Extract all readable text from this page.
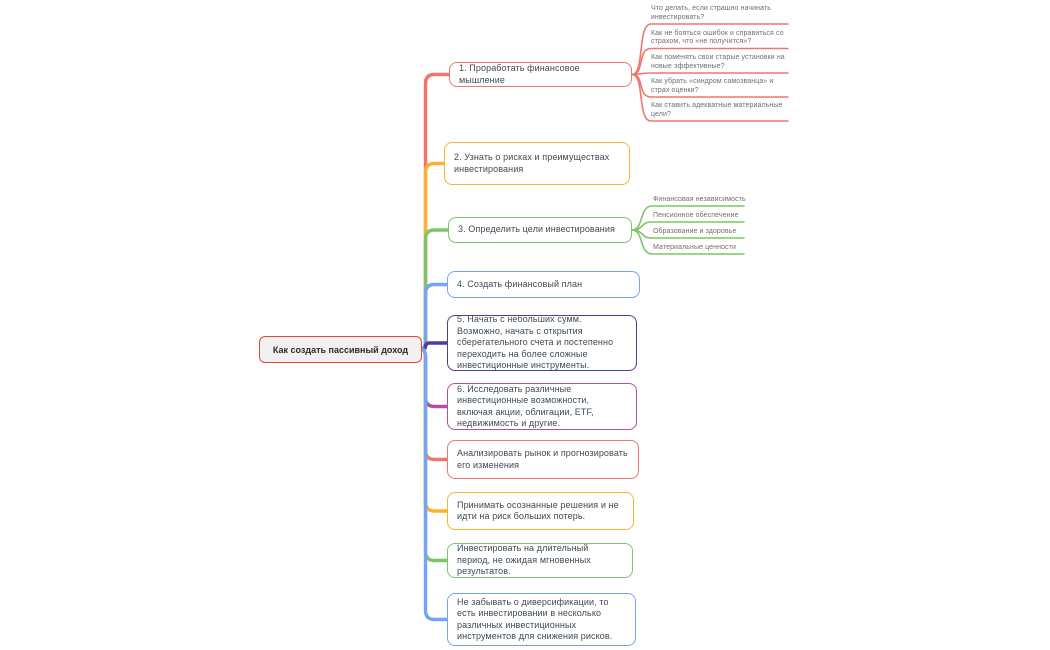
Как создать пассивный доход
1. Проработать финансовое мышление
2. Узнать о рисках и преимуществах инвестирования
3. Определить цели инвестирования
4. Создать финансовый план
5. Начать с небольших сумм. Возможно, начать с открытия сберегательного счета и постепенно переходить на более сложные инвестиционные инструменты.
6. Исследовать различные инвестиционные возможности, включая акции, облигации, ETF, недвижимость и другие.
Анализировать рынок и прогнозировать его изменения
Принимать осознанные решения и не идти на риск больших потерь.
Инвестировать на длительный период, не ожидая мгновенных результатов.
Не забывать о диверсификации, то есть инвестировании в несколько различных инвестиционных инструментов для снижения рисков.
Что делать, если страшно начинать инвестировать?
Как не бояться ошибок и справиться со страхом, что «не получится»?
Как поменять свои старые установки на новые эффективные?
Как убрать «синдром самозванца» и страх оценки?
Как ставить адекватные материальные цели?
Финансовая независимость
Пенсионное обеспечение
Образование и здоровье
Материальные ценности
